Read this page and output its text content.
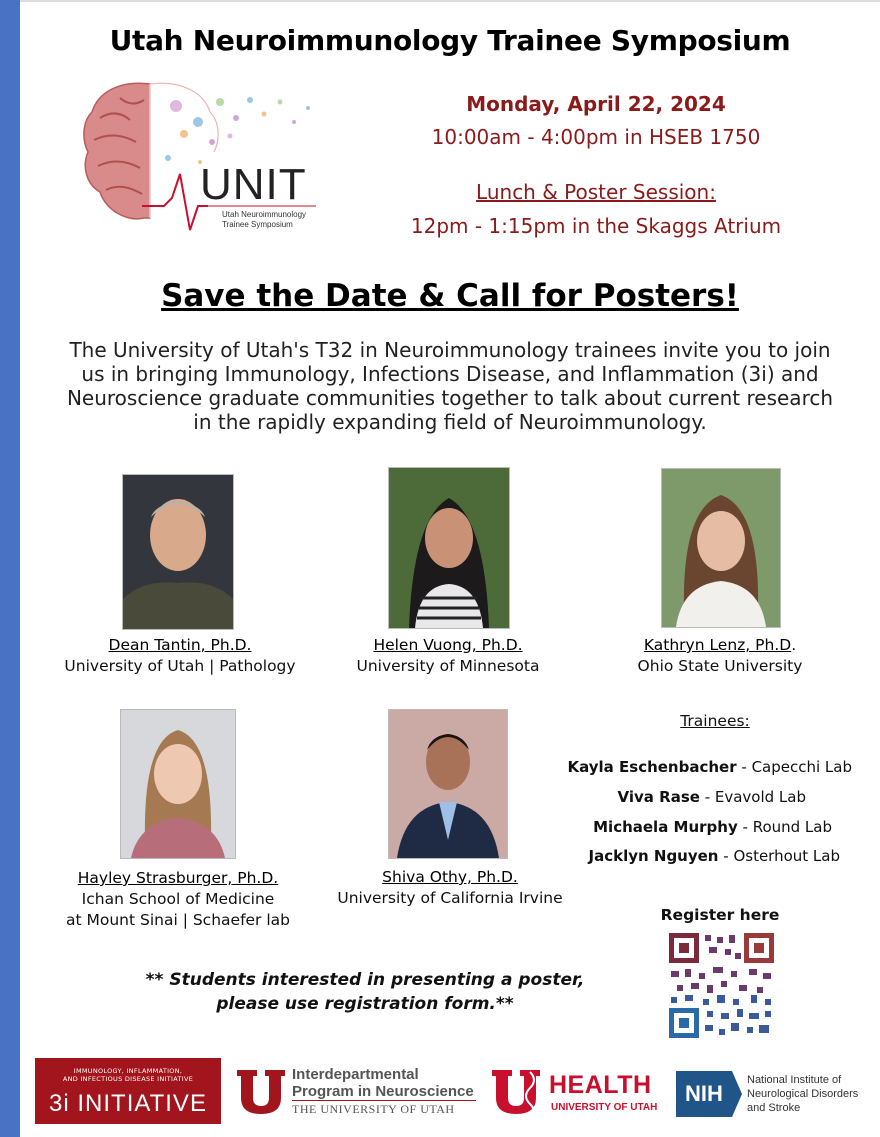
Utah Neuroimmunology Trainee Symposium
UNIT
Utah Neuroimmunology
Trainee Symposium
Monday, April 22, 2024
10:00am - 4:00pm in HSEB 1750
Lunch & Poster Session:
12pm - 1:15pm in the Skaggs Atrium
Save the Date & Call for Posters!
The University of Utah's T32 in Neuroimmunology trainees invite you to join us in bringing Immunology, Infections Disease, and Inflammation (3i) and Neuroscience graduate communities together to talk about current research in the rapidly expanding field of Neuroimmunology.
Dean Tantin, Ph.D.
University of Utah | Pathology
Helen Vuong, Ph.D.
University of Minnesota
Kathryn Lenz, Ph.D.
Ohio State University
Hayley Strasburger, Ph.D.
Ichan School of Medicine
at Mount Sinai | Schaefer lab
Shiva Othy, Ph.D.
University of California Irvine
Trainees:
Kayla Eschenbacher - Capecchi Lab
Viva Rase - Evavold Lab
Michaela Murphy - Round Lab
Jacklyn Nguyen - Osterhout Lab
Register here
** Students interested in presenting a poster,
please use registration form.**
IMMUNOLOGY, INFLAMMATION,
AND INFECTIOUS DISEASE INITIATIVE
3i INITIATIVE
Interdepartmental
Program in Neuroscience
THE UNIVERSITY OF UTAH
HEALTH
UNIVERSITY OF UTAH
NIH
National Institute of
Neurological Disorders
and Stroke
